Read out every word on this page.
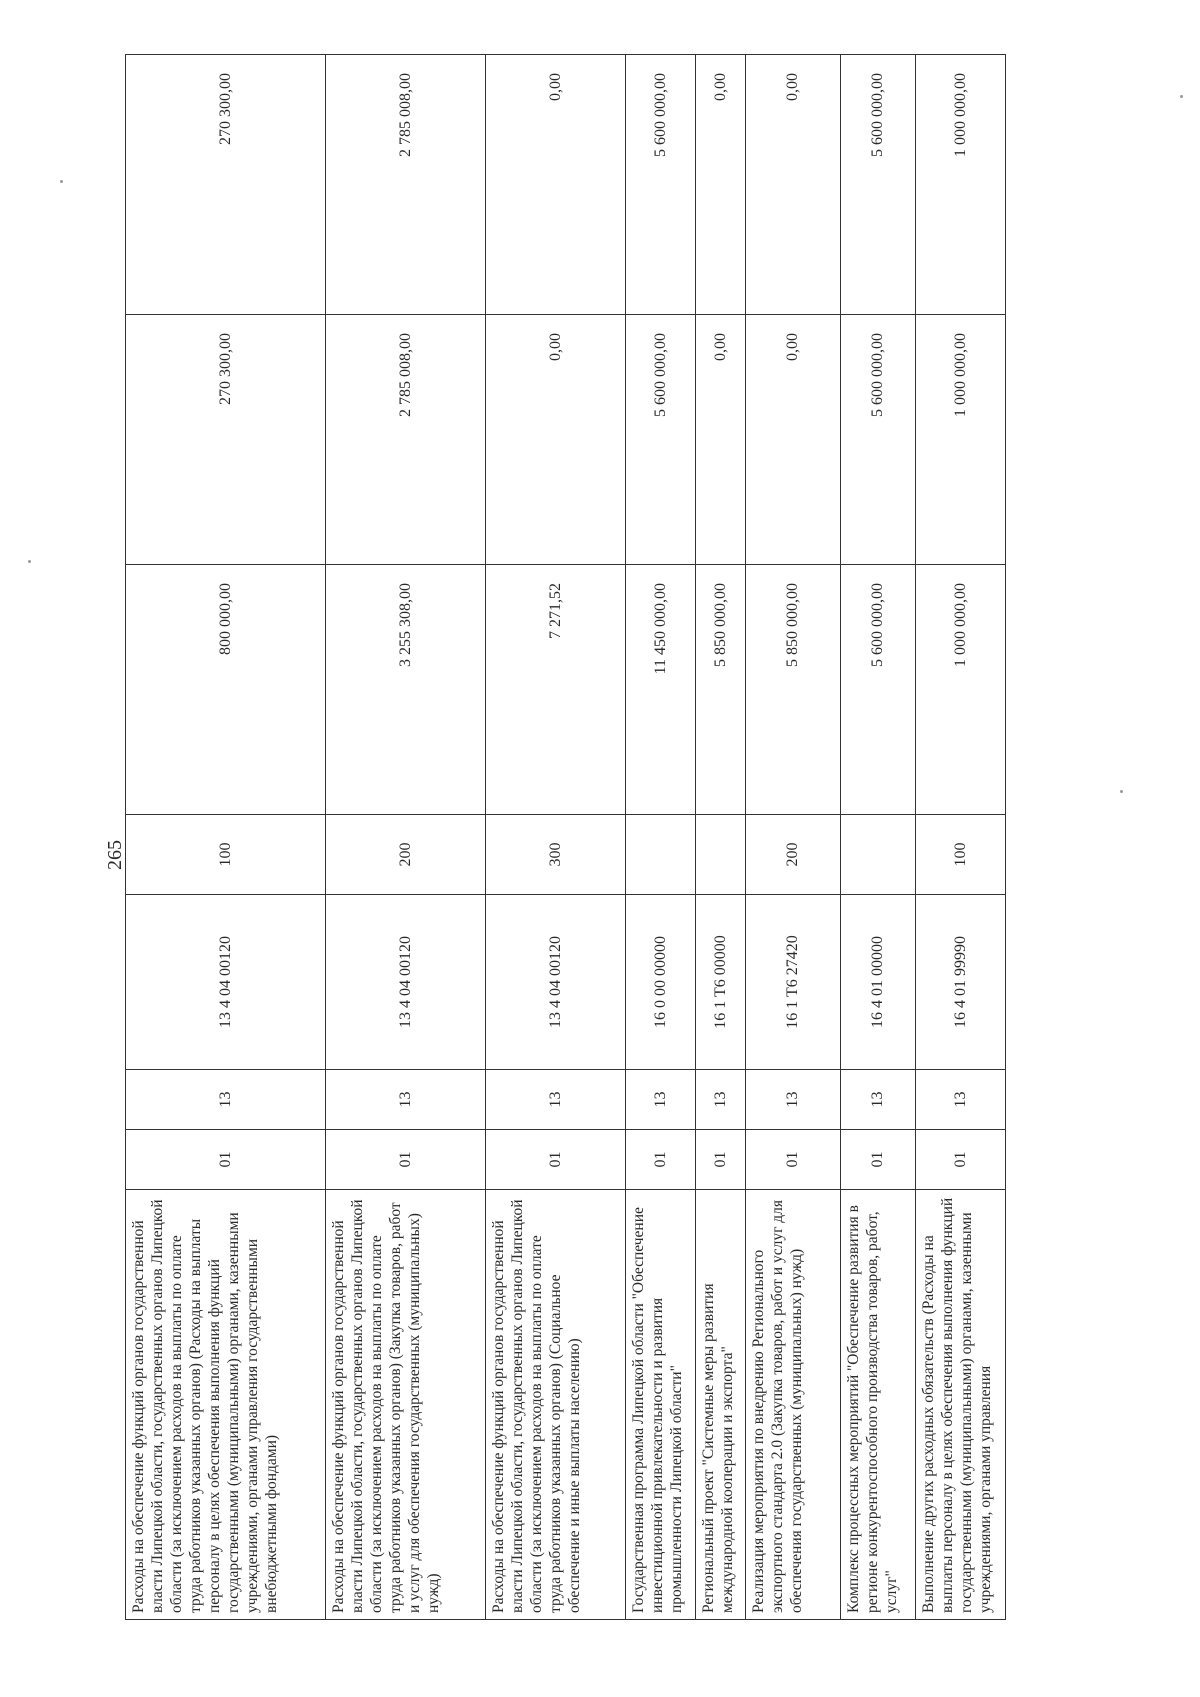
265
Расходы на обеспечение функций органов государственной власти Липецкой области, государственных органов Липецкой области (за исключением расходов на выплаты по оплате труда работников указанных органов) (Расходы на выплаты персоналу в целях обеспечения выполнения функций государственными (муниципальными) органами, казенными учреждениями, органами управления государственными внебюджетными фондами)	01	13	13 4 04 00120	100	800 000,00	270 300,00	270 300,00
Расходы на обеспечение функций органов государственной власти Липецкой области, государственных органов Липецкой области (за исключением расходов на выплаты по оплате труда работников указанных органов) (Закупка товаров, работ и услуг для обеспечения государственных (муниципальных) нужд)	01	13	13 4 04 00120	200	3 255 308,00	2 785 008,00	2 785 008,00
Расходы на обеспечение функций органов государственной власти Липецкой области, государственных органов Липецкой области (за исключением расходов на выплаты по оплате труда работников указанных органов) (Социальное обеспечение и иные выплаты населению)	01	13	13 4 04 00120	300	7 271,52	0,00	0,00
Государственная программа Липецкой области "Обеспечение инвестиционной привлекательности и развития промышленности Липецкой области"	01	13	16 0 00 00000		11 450 000,00	5 600 000,00	5 600 000,00
Региональный проект "Системные меры развития международной кооперации и экспорта"	01	13	16 1 T6 00000		5 850 000,00	0,00	0,00
Реализация мероприятия по внедрению Регионального экспортного стандарта 2.0 (Закупка товаров, работ и услуг для обеспечения государственных (муниципальных) нужд)	01	13	16 1 T6 27420	200	5 850 000,00	0,00	0,00
Комплекс процессных мероприятий "Обеспечение развития в регионе конкурентоспособного производства товаров, работ, услуг"	01	13	16 4 01 00000		5 600 000,00	5 600 000,00	5 600 000,00
Выполнение других расходных обязательств (Расходы на выплаты персоналу в целях обеспечения выполнения функций государственными (муниципальными) органами, казенными учреждениями, органами управления	01	13	16 4 01 99990	100	1 000 000,00	1 000 000,00	1 000 000,00
